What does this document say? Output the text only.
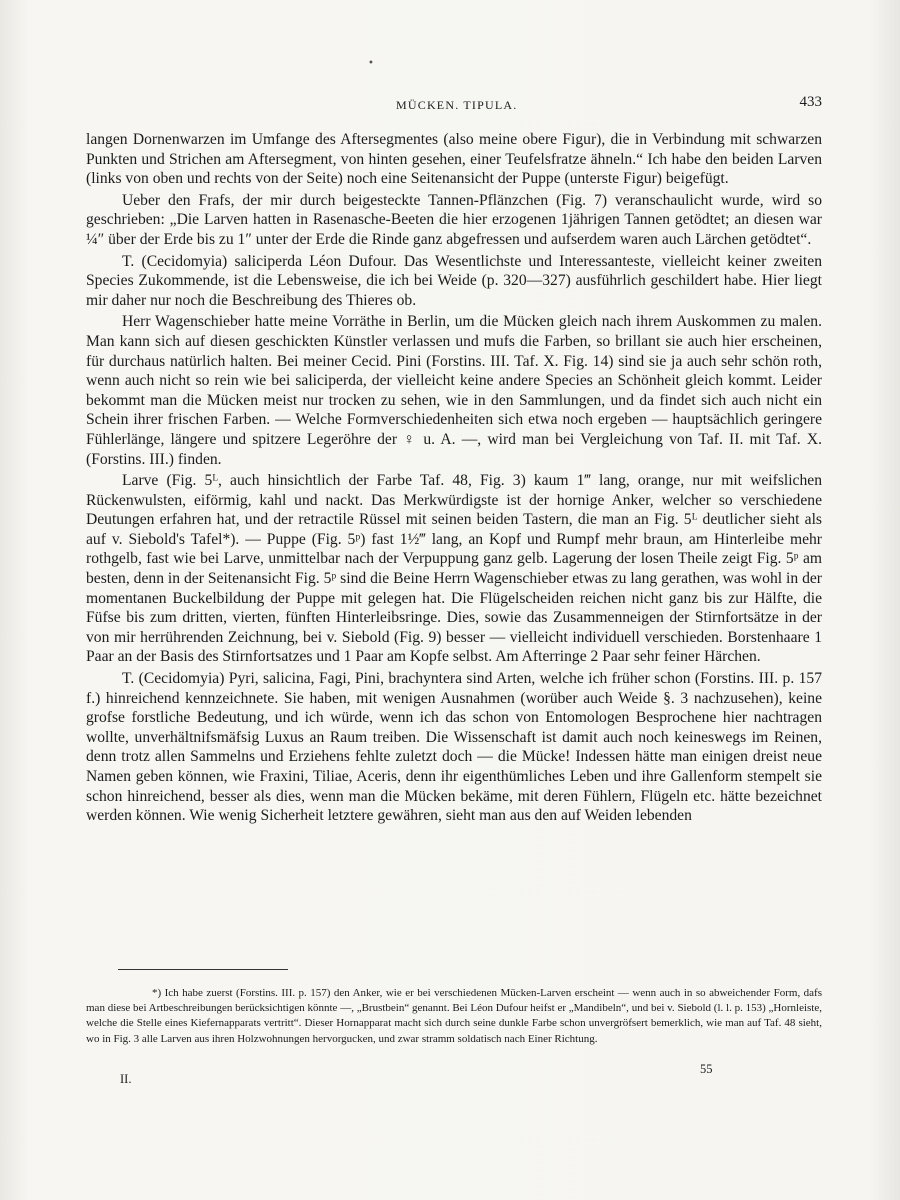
•
MÜCKEN. TIPULA.	433

langen Dornenwarzen im Umfange des Aftersegmentes (also meine obere Figur), die in Verbindung mit schwarzen Punkten und Strichen am Aftersegment, von hinten gesehen, einer Teufelsfratze ähneln.“ Ich habe den beiden Larven (links von oben und rechts von der Seite) noch eine Seitenansicht der Puppe (unterste Figur) beigefügt.

Ueber den Frafs, der mir durch beigesteckte Tannen-Pflänzchen (Fig. 7) veranschaulicht wurde, wird so geschrieben: „Die Larven hatten in Rasenasche-Beeten die hier erzogenen 1jährigen Tannen getödtet; an diesen war ¼″ über der Erde bis zu 1″ unter der Erde die Rinde ganz abgefressen und aufserdem waren auch Lärchen getödtet“.

T. (Cecidomyia) saliciperda Léon Dufour. Das Wesentlichste und Interessanteste, vielleicht keiner zweiten Species Zukommende, ist die Lebensweise, die ich bei Weide (p. 320—327) ausführlich geschildert habe. Hier liegt mir daher nur noch die Beschreibung des Thieres ob.

Herr Wagenschieber hatte meine Vorräthe in Berlin, um die Mücken gleich nach ihrem Auskommen zu malen. Man kann sich auf diesen geschickten Künstler verlassen und mufs die Farben, so brillant sie auch hier erscheinen, für durchaus natürlich halten. Bei meiner Cecid. Pini (Forstins. III. Taf. X. Fig. 14) sind sie ja auch sehr schön roth, wenn auch nicht so rein wie bei saliciperda, der vielleicht keine andere Species an Schönheit gleich kommt. Leider bekommt man die Mücken meist nur trocken zu sehen, wie in den Sammlungen, und da findet sich auch nicht ein Schein ihrer frischen Farben. — Welche Formverschiedenheiten sich etwa noch ergeben — hauptsächlich geringere Fühlerlänge, längere und spitzere Legeröhre der ♀ u. A. —, wird man bei Vergleichung von Taf. II. mit Taf. X. (Forstins. III.) finden.

Larve (Fig. 5ᴸ, auch hinsichtlich der Farbe Taf. 48, Fig. 3) kaum 1‴ lang, orange, nur mit weifslichen Rückenwulsten, eiförmig, kahl und nackt. Das Merkwürdigste ist der hornige Anker, welcher so verschiedene Deutungen erfahren hat, und der retractile Rüssel mit seinen beiden Tastern, die man an Fig. 5ᴸ deutlicher sieht als auf v. Siebold's Tafel*). — Puppe (Fig. 5ᵖ) fast 1½‴ lang, an Kopf und Rumpf mehr braun, am Hinterleibe mehr rothgelb, fast wie bei Larve, unmittelbar nach der Verpuppung ganz gelb. Lagerung der losen Theile zeigt Fig. 5ᵖ am besten, denn in der Seitenansicht Fig. 5ᵖ sind die Beine Herrn Wagenschieber etwas zu lang gerathen, was wohl in der momentanen Buckelbildung der Puppe mit gelegen hat. Die Flügelscheiden reichen nicht ganz bis zur Hälfte, die Füfse bis zum dritten, vierten, fünften Hinterleibsringe. Dies, sowie das Zusammenneigen der Stirnfortsätze in der von mir herrührenden Zeichnung, bei v. Siebold (Fig. 9) besser — vielleicht individuell verschieden. Borstenhaare 1 Paar an der Basis des Stirnfortsatzes und 1 Paar am Kopfe selbst. Am Afterringe 2 Paar sehr feiner Härchen.

T. (Cecidomyia) Pyri, salicina, Fagi, Pini, brachyntera sind Arten, welche ich früher schon (Forstins. III. p. 157 f.) hinreichend kennzeichnete. Sie haben, mit wenigen Ausnahmen (worüber auch Weide §. 3 nachzusehen), keine grofse forstliche Bedeutung, und ich würde, wenn ich das schon von Entomologen Besprochene hier nachtragen wollte, unverhältnifsmäfsig Luxus an Raum treiben. Die Wissenschaft ist damit auch noch keineswegs im Reinen, denn trotz allen Sammelns und Erziehens fehlte zuletzt doch — die Mücke! Indessen hätte man einigen dreist neue Namen geben können, wie Fraxini, Tiliae, Aceris, denn ihr eigenthümliches Leben und ihre Gallenform stempelt sie schon hinreichend, besser als dies, wenn man die Mücken bekäme, mit deren Fühlern, Flügeln etc. hätte bezeichnet werden können. Wie wenig Sicherheit letztere gewähren, sieht man aus den auf Weiden lebenden

*) Ich habe zuerst (Forstins. III. p. 157) den Anker, wie er bei verschiedenen Mücken-Larven erscheint — wenn auch in so abweichender Form, dafs man diese bei Artbeschreibungen berücksichtigen könnte —, „Brustbein“ genannt. Bei Léon Dufour heifst er „Mandibeln“, und bei v. Siebold (l. l. p. 153) „Hornleiste, welche die Stelle eines Kiefernapparats vertritt“. Dieser Hornapparat macht sich durch seine dunkle Farbe schon unvergröfsert bemerklich, wie man auf Taf. 48 sieht, wo in Fig. 3 alle Larven aus ihren Holzwohnungen hervorgucken, und zwar stramm soldatisch nach Einer Richtung.

II.
55
